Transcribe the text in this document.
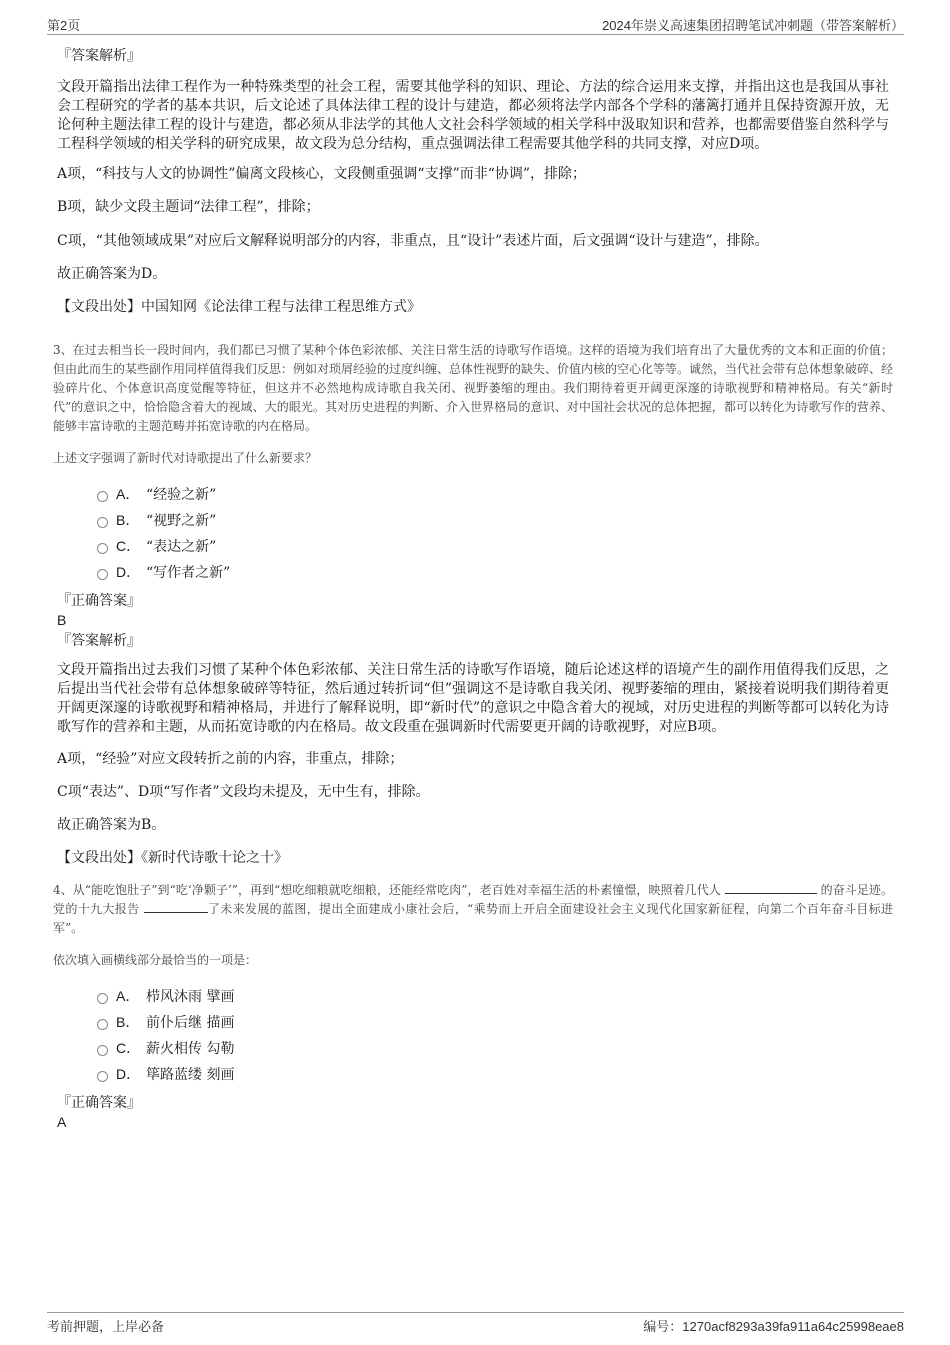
第2页	2024年崇义高速集团招聘笔试冲刺题（带答案解析）

『答案解析』

文段开篇指出法律工程作为一种特殊类型的社会工程，需要其他学科的知识、理论、方法的综合运用来支撑，并指出这也是我国从事社会工程研究的学者的基本共识，后文论述了具体法律工程的设计与建造，都必须将法学内部各个学科的藩篱打通并且保持资源开放，无论何种主题法律工程的设计与建造，都必须从非法学的其他人文社会科学领域的相关学科中汲取知识和营养，也都需要借鉴自然科学与工程科学领域的相关学科的研究成果，故文段为总分结构，重点强调法律工程需要其他学科的共同支撑，对应D项。

A项，“科技与人文的协调性”偏离文段核心，文段侧重强调“支撑”而非“协调”，排除；

B项，缺少文段主题词“法律工程”，排除；

C项，“其他领域成果”对应后文解释说明部分的内容，非重点，且“设计”表述片面，后文强调“设计与建造”，排除。

故正确答案为D。

【文段出处】中国知网《论法律工程与法律工程思维方式》

3、在过去相当长一段时间内，我们都已习惯了某种个体色彩浓郁、关注日常生活的诗歌写作语境。这样的语境为我们培育出了大量优秀的文本和正面的价值；但由此而生的某些副作用同样值得我们反思：例如对琐屑经验的过度纠缠、总体性视野的缺失、价值内核的空心化等等。诚然，当代社会带有总体想象破碎、经验碎片化、个体意识高度觉醒等特征，但这并不必然地构成诗歌自我关闭、视野萎缩的理由。我们期待着更开阔更深邃的诗歌视野和精神格局。有关“新时代”的意识之中，恰恰隐含着大的视域、大的眼光。其对历史进程的判断、介入世界格局的意识、对中国社会状况的总体把握，都可以转化为诗歌写作的营养、能够丰富诗歌的主题范畴并拓宽诗歌的内在格局。

上述文字强调了新时代对诗歌提出了什么新要求？

A． “经验之新”
B． “视野之新”
C． “表达之新”
D． “写作者之新”

『正确答案』

B

『答案解析』

文段开篇指出过去我们习惯了某种个体色彩浓郁、关注日常生活的诗歌写作语境，随后论述这样的语境产生的副作用值得我们反思，之后提出当代社会带有总体想象破碎等特征，然后通过转折词“但”强调这不是诗歌自我关闭、视野萎缩的理由，紧接着说明我们期待着更开阔更深邃的诗歌视野和精神格局，并进行了解释说明，即“新时代”的意识之中隐含着大的视域，对历史进程的判断等都可以转化为诗歌写作的营养和主题，从而拓宽诗歌的内在格局。故文段重在强调新时代需要更开阔的诗歌视野，对应B项。

A项，“经验”对应文段转折之前的内容，非重点，排除；

C项“表达”、D项“写作者”文段均未提及，无中生有，排除。

故正确答案为B。

【文段出处】《新时代诗歌十论之十》

4、从“能吃饱肚子”到“吃‘净颗子’”，再到“想吃细粮就吃细粮，还能经常吃肉”，老百姓对幸福生活的朴素憧憬，映照着几代人	的奋斗足迹。党的十九大报告	了未来发展的蓝图，提出全面建成小康社会后，“乘势而上开启全面建设社会主义现代化国家新征程，向第二个百年奋斗目标进军”。

依次填入画横线部分最恰当的一项是：

A． 栉风沐雨 擘画
B． 前仆后继 描画
C． 薪火相传 勾勒
D． 筚路蓝缕 刻画

『正确答案』

A

考前押题，上岸必备	编号：1270acf8293a39fa911a64c25998eae8
